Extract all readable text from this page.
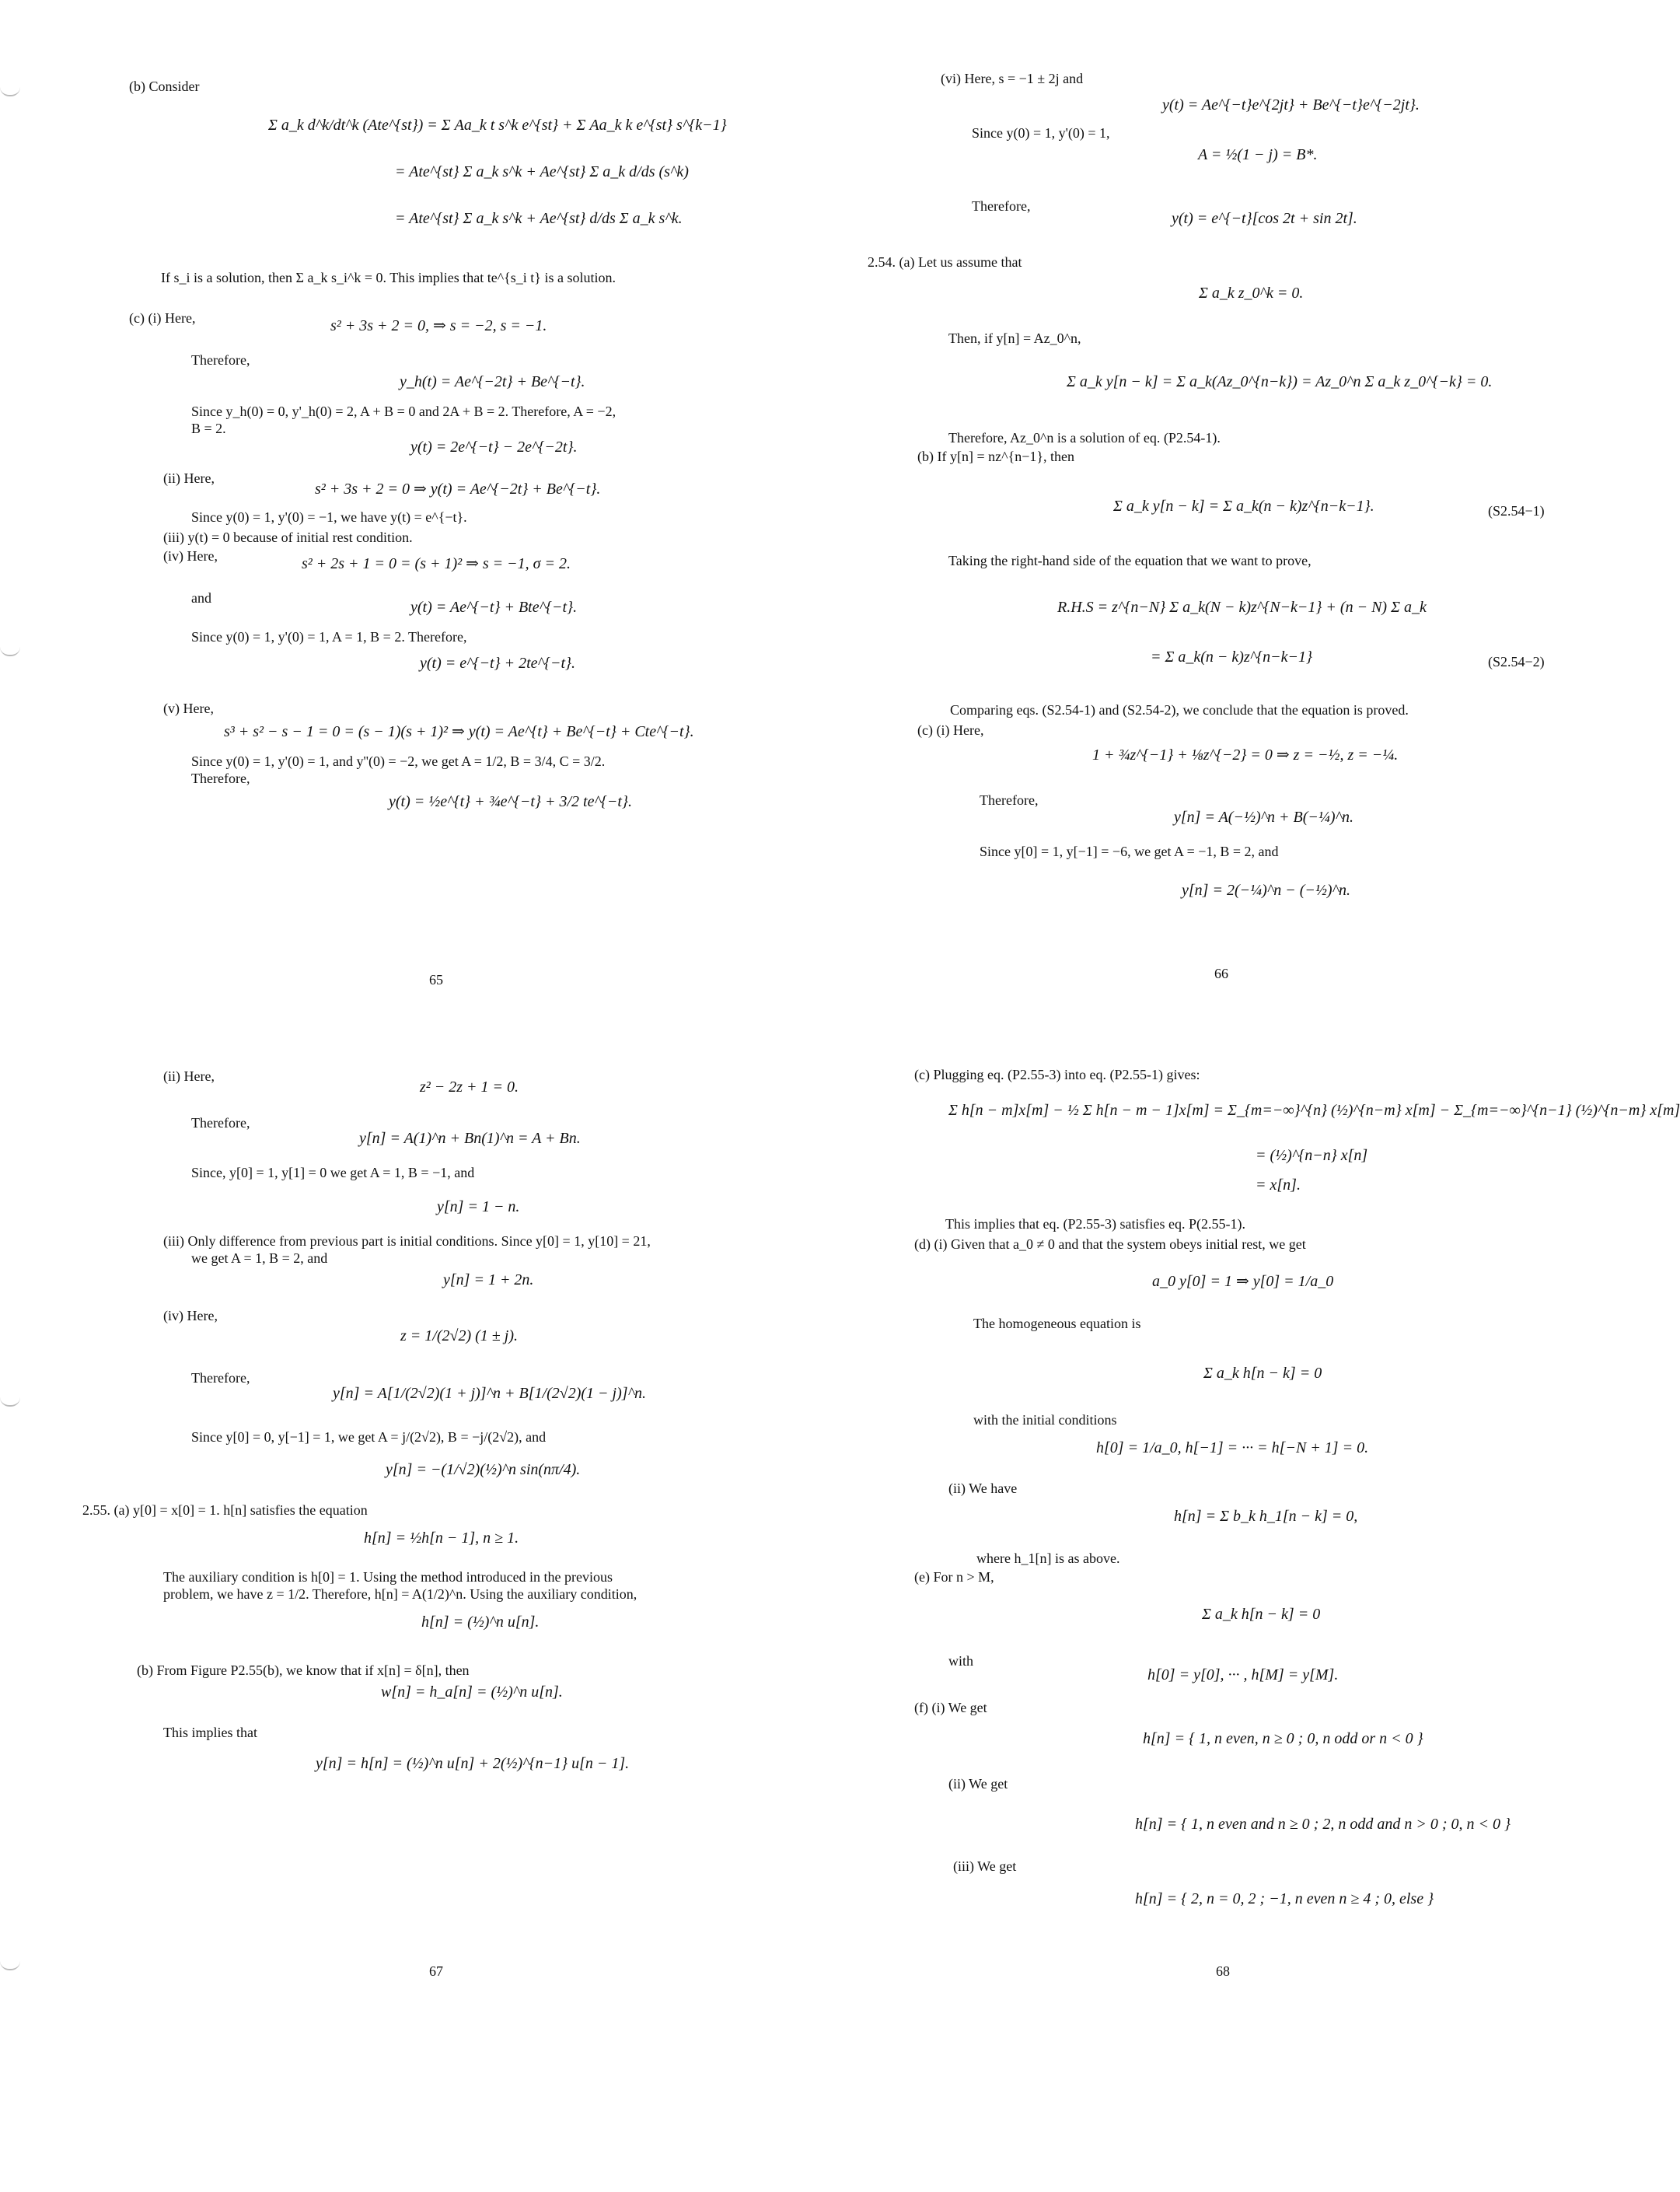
(b) Consider
Σ a_k d^k/dt^k (Ate^{st}) = Σ Aa_k t s^k e^{st} + Σ Aa_k k e^{st} s^{k−1}
= Ate^{st} Σ a_k s^k + Ae^{st} Σ a_k d/ds (s^k)
= Ate^{st} Σ a_k s^k + Ae^{st} d/ds Σ a_k s^k.
If s_i is a solution, then Σ a_k s_i^k = 0. This implies that te^{s_i t} is a solution.
(c) (i) Here,	s² + 3s + 2 = 0, ⇒ s = −2, s = −1.
Therefore,
y_h(t) = Ae^{−2t} + Be^{−t}.
Since y_h(0) = 0, y'_h(0) = 2, A + B = 0 and 2A + B = 2. Therefore, A = −2,
B = 2.
y(t) = 2e^{−t} − 2e^{−2t}.
(ii) Here,
s² + 3s + 2 = 0 ⇒ y(t) = Ae^{−2t} + Be^{−t}.
Since y(0) = 1, y'(0) = −1, we have y(t) = e^{−t}.
(iii) y(t) = 0 because of initial rest condition.
(iv) Here,	s² + 2s + 1 = 0 = (s + 1)² ⇒ s = −1, σ = 2.
and
y(t) = Ae^{−t} + Bte^{−t}.
Since y(0) = 1, y'(0) = 1, A = 1, B = 2. Therefore,
y(t) = e^{−t} + 2te^{−t}.
(v) Here,
s³ + s² − s − 1 = 0 = (s − 1)(s + 1)² ⇒ y(t) = Ae^{t} + Be^{−t} + Cte^{−t}.
Since y(0) = 1, y'(0) = 1, and y''(0) = −2, we get A = 1/2, B = 3/4, C = 3/2.
Therefore,
y(t) = ½e^{t} + ¾e^{−t} + 3/2 te^{−t}.
65
(vi) Here, s = −1 ± 2j and
y(t) = Ae^{−t}e^{2jt} + Be^{−t}e^{−2jt}.
Since y(0) = 1, y'(0) = 1,
A = ½(1 − j) = B*.
Therefore,
y(t) = e^{−t}[cos 2t + sin 2t].
2.54. (a) Let us assume that
Σ a_k z_0^k = 0.
Then, if y[n] = Az_0^n,
Σ a_k y[n − k] = Σ a_k(Az_0^{n−k}) = Az_0^n Σ a_k z_0^{−k} = 0.
Therefore, Az_0^n is a solution of eq. (P2.54-1).
(b) If y[n] = nz^{n−1}, then
Σ a_k y[n − k] = Σ a_k(n − k)z^{n−k−1}.	(S2.54−1)
Taking the right-hand side of the equation that we want to prove,
R.H.S = z^{n−N} Σ a_k(N − k)z^{N−k−1} + (n − N) Σ a_k
= Σ a_k(n − k)z^{n−k−1}	(S2.54−2)
Comparing eqs. (S2.54-1) and (S2.54-2), we conclude that the equation is proved.
(c) (i) Here,
1 + ¾z^{−1} + ⅛z^{−2} = 0 ⇒ z = −½, z = −¼.
Therefore,
y[n] = A(−½)^n + B(−¼)^n.
Since y[0] = 1, y[−1] = −6, we get A = −1, B = 2, and
y[n] = 2(−¼)^n − (−½)^n.
66
(ii) Here,
z² − 2z + 1 = 0.
Therefore,
y[n] = A(1)^n + Bn(1)^n = A + Bn.
Since, y[0] = 1, y[1] = 0 we get A = 1, B = −1, and
y[n] = 1 − n.
(iii) Only difference from previous part is initial conditions. Since y[0] = 1, y[10] = 21,
we get A = 1, B = 2, and
y[n] = 1 + 2n.
(iv) Here,
z = 1/(2√2) (1 ± j).
Therefore,
y[n] = A[1/(2√2)(1 + j)]^n + B[1/(2√2)(1 − j)]^n.
Since y[0] = 0, y[−1] = 1, we get A = j/(2√2), B = −j/(2√2), and
y[n] = −(1/√2)(½)^n sin(nπ/4).
2.55. (a) y[0] = x[0] = 1. h[n] satisfies the equation
h[n] = ½h[n − 1], n ≥ 1.
The auxiliary condition is h[0] = 1. Using the method introduced in the previous
problem, we have z = 1/2. Therefore, h[n] = A(1/2)^n. Using the auxiliary condition,
h[n] = (½)^n u[n].
(b) From Figure P2.55(b), we know that if x[n] = δ[n], then
w[n] = h_a[n] = (½)^n u[n].
This implies that
y[n] = h[n] = (½)^n u[n] + 2(½)^{n−1} u[n − 1].
67
(c) Plugging eq. (P2.55-3) into eq. (P2.55-1) gives:
Σ h[n − m]x[m] − ½ Σ h[n − m − 1]x[m] = Σ_{m=−∞}^{n} (½)^{n−m} x[m] − Σ_{m=−∞}^{n−1} (½)^{n−m} x[m]
= (½)^{n−n} x[n]
= x[n].
This implies that eq. (P2.55-3) satisfies eq. P(2.55-1).
(d) (i) Given that a_0 ≠ 0 and that the system obeys initial rest, we get
a_0 y[0] = 1 ⇒ y[0] = 1/a_0
The homogeneous equation is
Σ a_k h[n − k] = 0
with the initial conditions
h[0] = 1/a_0, h[−1] = ··· = h[−N + 1] = 0.
(ii) We have
h[n] = Σ b_k h_1[n − k] = 0,
where h_1[n] is as above.
(e) For n > M,
Σ a_k h[n − k] = 0
with
h[0] = y[0], ··· , h[M] = y[M].
(f) (i) We get
h[n] = { 1, n even, n ≥ 0 ; 0, n odd or n < 0 }
(ii) We get
h[n] = { 1, n even and n ≥ 0 ; 2, n odd and n > 0 ; 0, n < 0 }
(iii) We get
h[n] = { 2, n = 0, 2 ; −1, n even n ≥ 4 ; 0, else }
68
